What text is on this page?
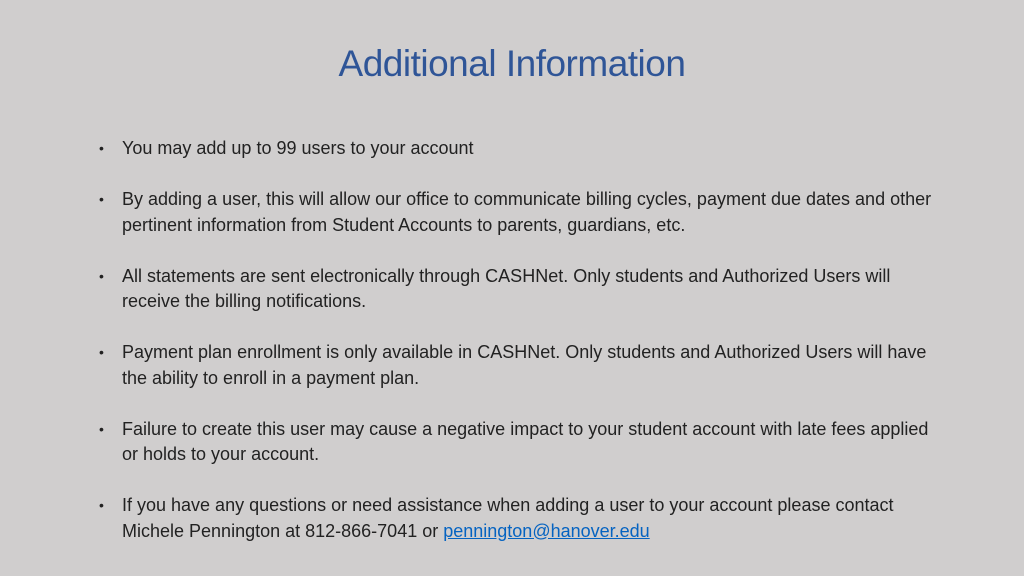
Additional Information
• You may add up to 99 users to your account
• By adding a user, this will allow our office to communicate billing cycles, payment due dates and other pertinent information from Student Accounts to parents, guardians, etc.
• All statements are sent electronically through CASHNet. Only students and Authorized Users will receive the billing notifications.
• Payment plan enrollment is only available in CASHNet. Only students and Authorized Users will have the ability to enroll in a payment plan.
• Failure to create this user may cause a negative impact to your student account with late fees applied or holds to your account.
• If you have any questions or need assistance when adding a user to your account please contact Michele Pennington at 812-866-7041 or pennington@hanover.edu
